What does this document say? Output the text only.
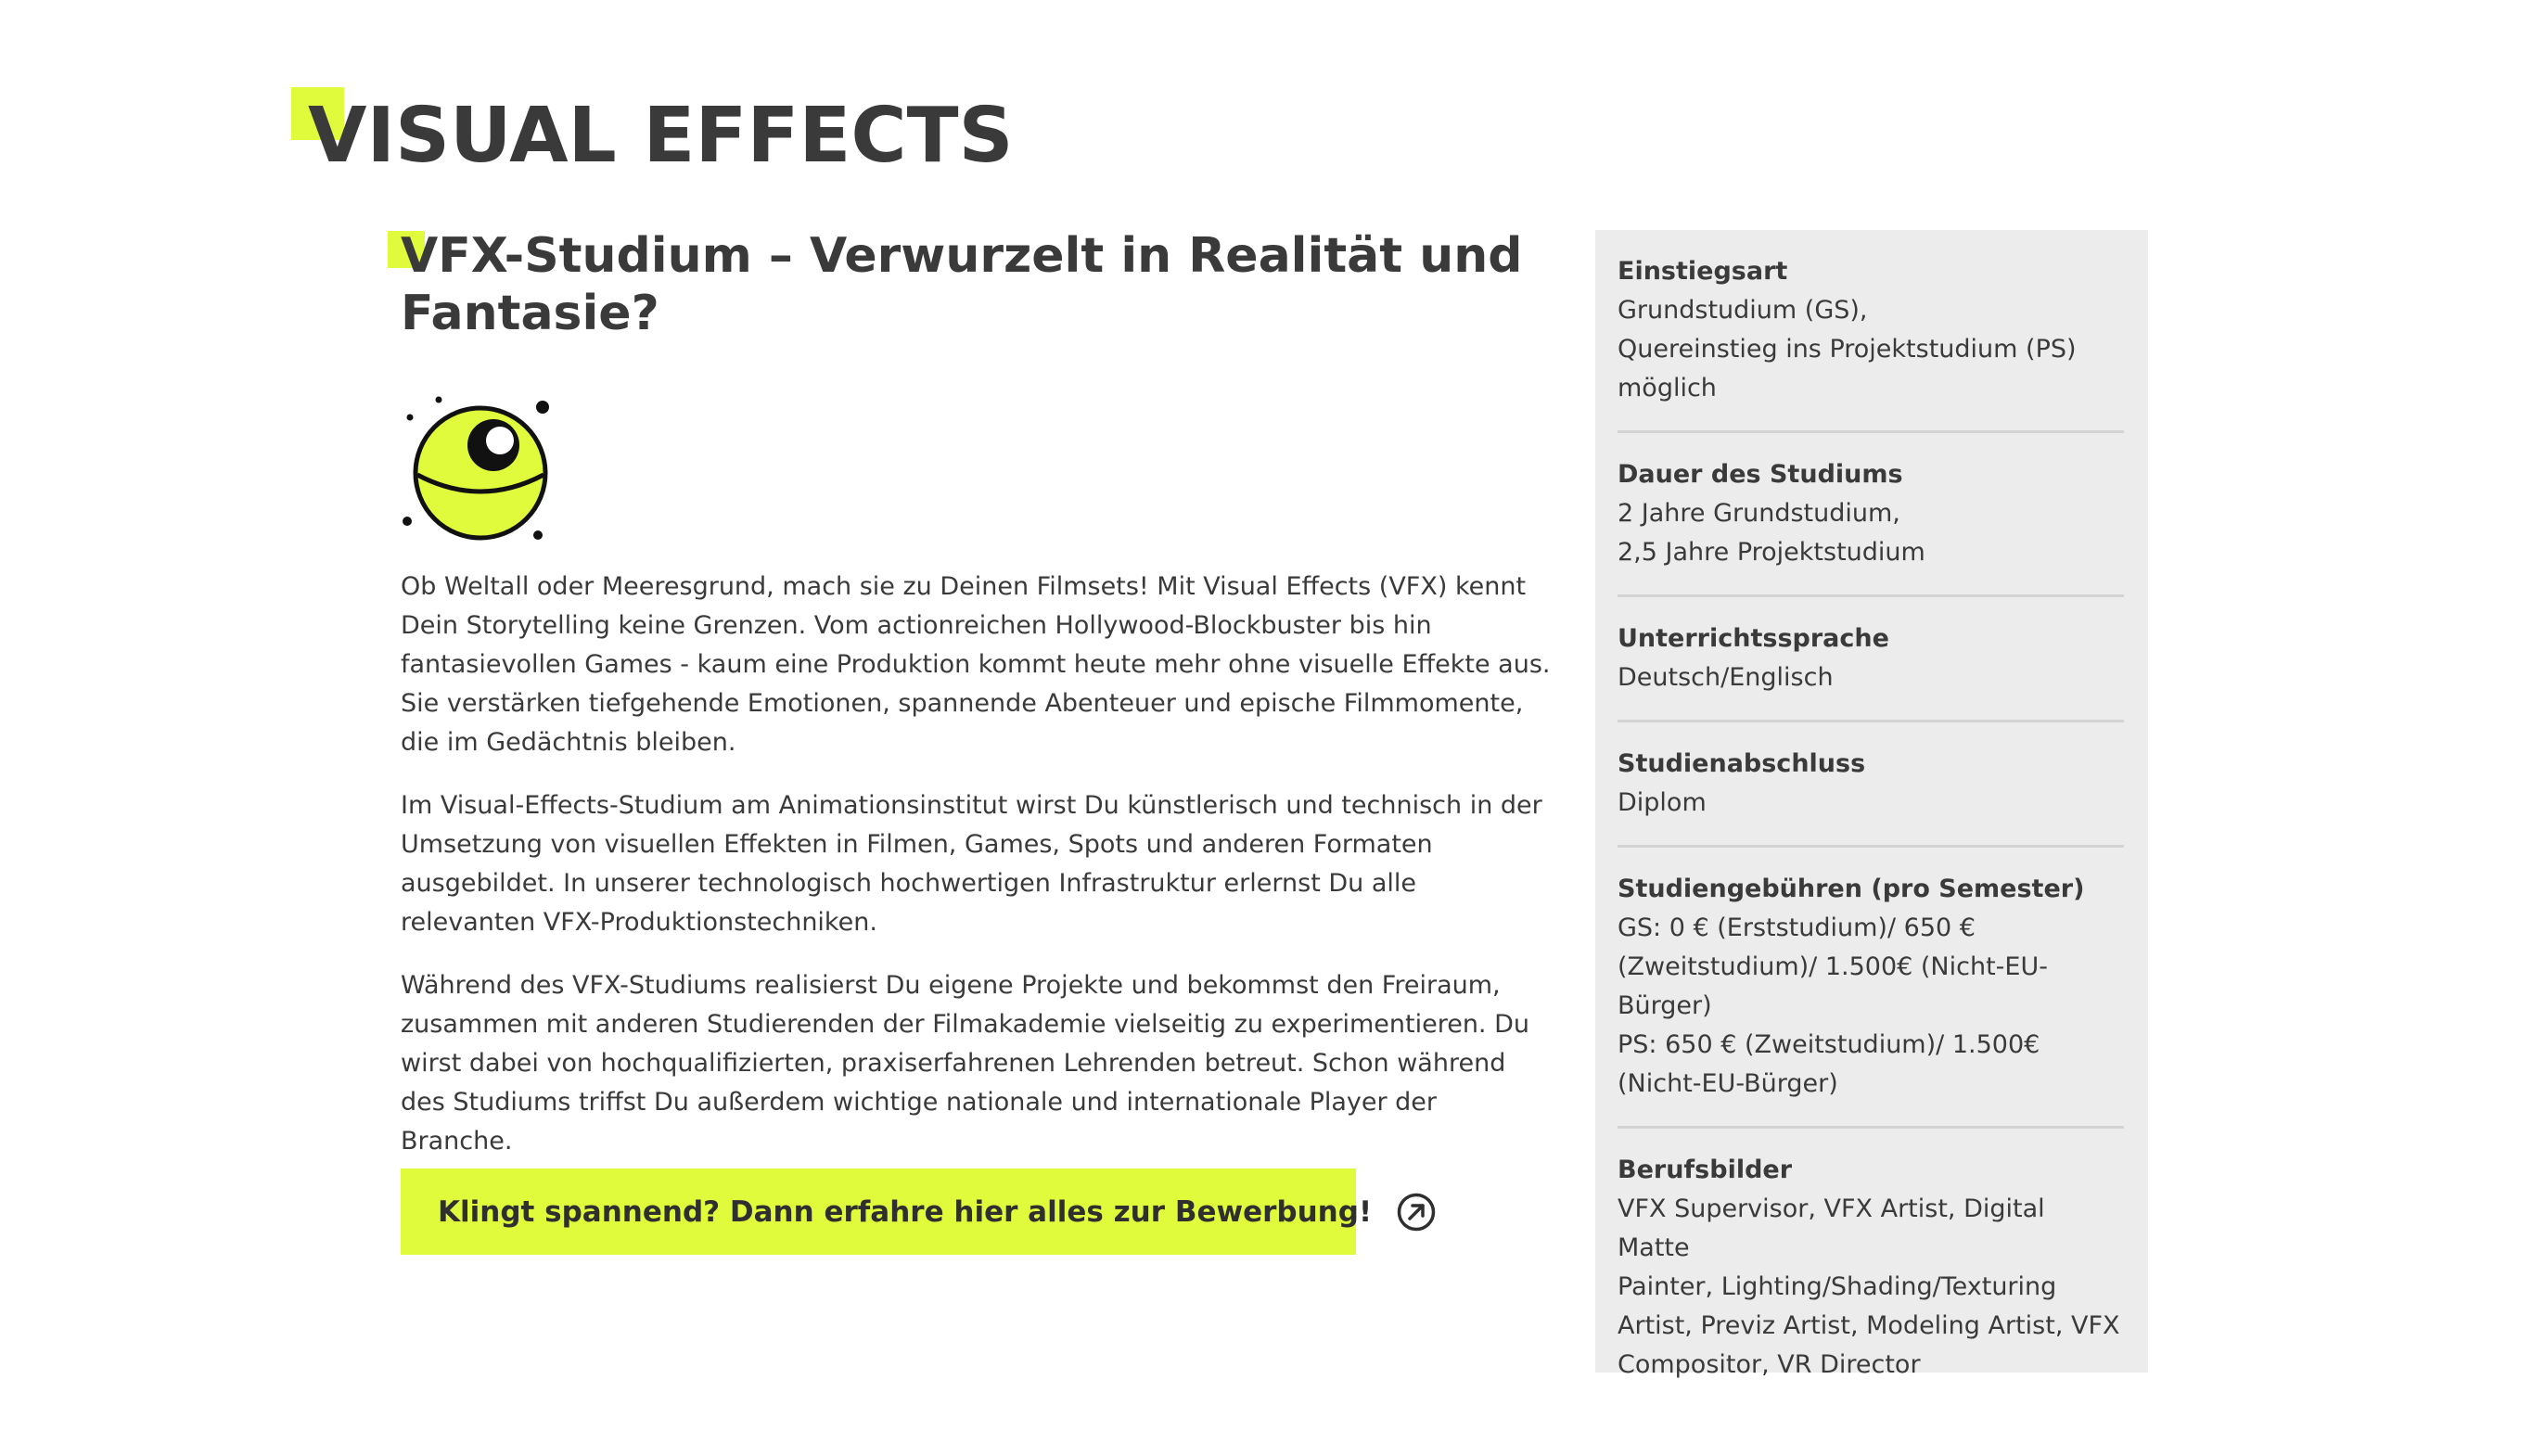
VISUAL EFFECTS
VFX-Studium – Verwurzelt in Realität und Fantasie?

Ob Weltall oder Meeresgrund, mach sie zu Deinen Filmsets! Mit Visual Effects (VFX) kennt Dein Storytelling keine Grenzen. Vom actionreichen Hollywood-Blockbuster bis hin fantasievollen Games - kaum eine Produktion kommt heute mehr ohne visuelle Effekte aus. Sie verstärken tiefgehende Emotionen, spannende Abenteuer und epische Filmmomente, die im Gedächtnis bleiben.

Im Visual-Effects-Studium am Animationsinstitut wirst Du künstlerisch und technisch in der Umsetzung von visuellen Effekten in Filmen, Games, Spots und anderen Formaten ausgebildet. In unserer technologisch hochwertigen Infrastruktur erlernst Du alle relevanten VFX-Produktionstechniken.

Während des VFX-Studiums realisierst Du eigene Projekte und bekommst den Freiraum, zusammen mit anderen Studierenden der Filmakademie vielseitig zu experimentieren. Du wirst dabei von hochqualifizierten, praxiserfahrenen Lehrenden betreut. Schon während des Studiums triffst Du außerdem wichtige nationale und internationale Player der Branche.

Klingt spannend? Dann erfahre hier alles zur Bewerbung!
Einstiegsart
Grundstudium (GS),
Quereinstieg ins Projektstudium (PS)
möglich
Dauer des Studiums
2 Jahre Grundstudium,
2,5 Jahre Projektstudium
Unterrichtssprache
Deutsch/Englisch
Studienabschluss
Diplom
Studiengebühren (pro Semester)
GS: 0 € (Erststudium)/ 650 €
(Zweitstudium)/ 1.500€ (Nicht-EU-
Bürger)
PS: 650 € (Zweitstudium)/ 1.500€
(Nicht-EU-Bürger)
Berufsbilder
VFX Supervisor, VFX Artist, Digital Matte
Painter, Lighting/Shading/Texturing
Artist, Previz Artist, Modeling Artist, VFX
Compositor, VR Director
